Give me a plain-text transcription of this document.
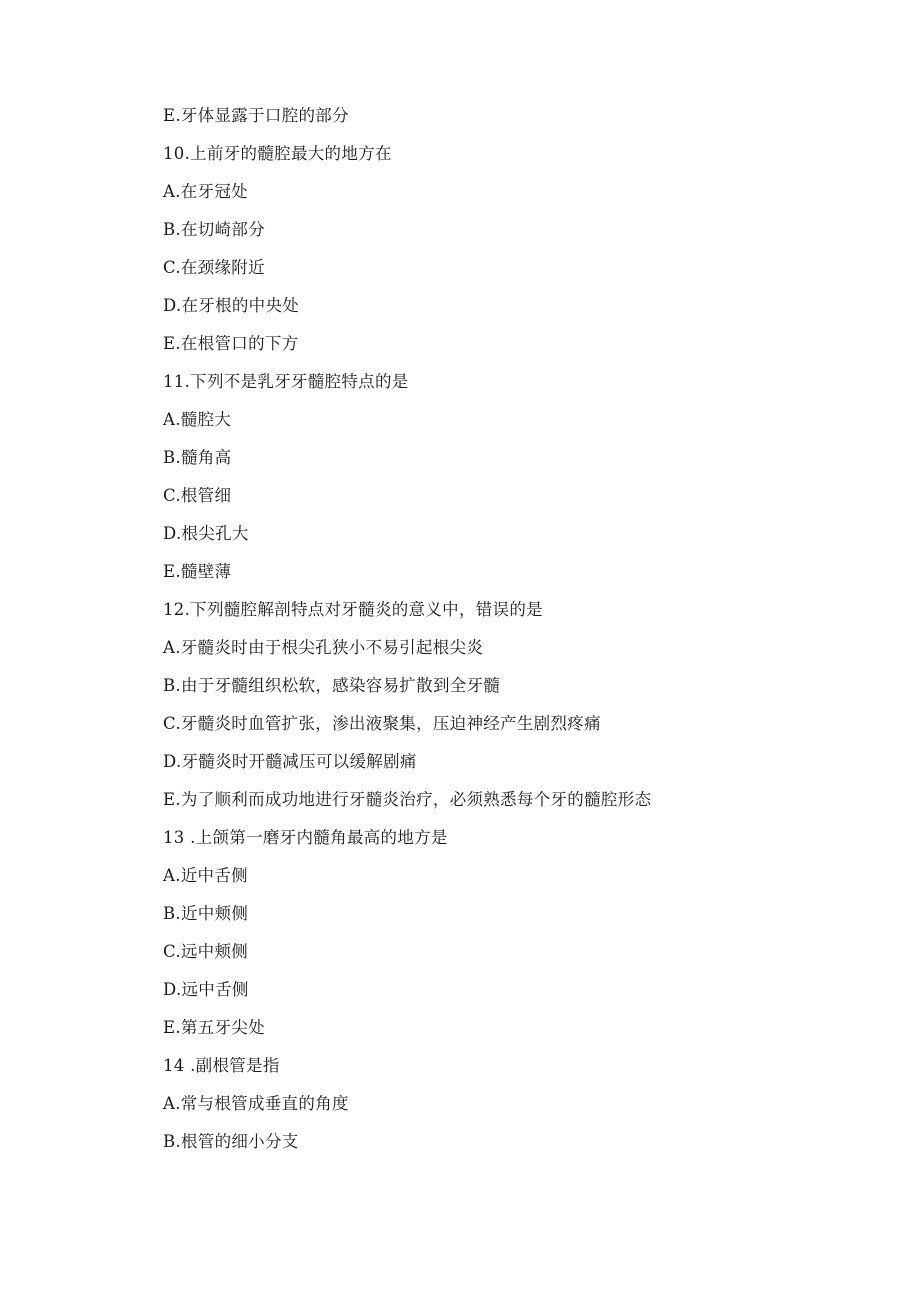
E.牙体显露于口腔的部分
10.上前牙的髓腔最大的地方在
A.在牙冠处
B.在切崎部分
C.在颈缘附近
D.在牙根的中央处
E.在根管口的下方
11.下列不是乳牙牙髓腔特点的是
A.髓腔大
B.髓角高
C.根管细
D.根尖孔大
E.髓壁薄
12.下列髓腔解剖特点对牙髓炎的意义中，错误的是
A.牙髓炎时由于根尖孔狭小不易引起根尖炎
B.由于牙髓组织松软，感染容易扩散到全牙髓
C.牙髓炎时血管扩张，渗出液聚集，压迫神经产生剧烈疼痛
D.牙髓炎时开髓减压可以缓解剧痛
E.为了顺利而成功地进行牙髓炎治疗，必须熟悉每个牙的髓腔形态
13 .上颌第一磨牙内髓角最高的地方是
A.近中舌侧
B.近中颊侧
C.远中颊侧
D.远中舌侧
E.第五牙尖处
14 .副根管是指
A.常与根管成垂直的角度
B.根管的细小分支
